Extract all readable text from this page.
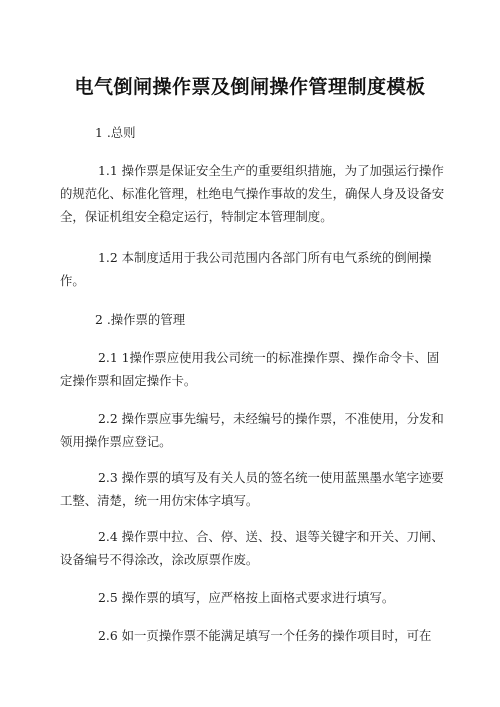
电气倒闸操作票及倒闸操作管理制度模板
1 .总则
1.1 操作票是保证安全生产的重要组织措施，为了加强运行操作的规范化、标准化管理，杜绝电气操作事故的发生，确保人身及设备安全，保证机组安全稳定运行，特制定本管理制度。
1.2 本制度适用于我公司范围内各部门所有电气系统的倒闸操作。
2 .操作票的管理
2.1 1操作票应使用我公司统一的标准操作票、操作命令卡、固定操作票和固定操作卡。
2.2 操作票应事先编号，未经编号的操作票，不准使用，分发和领用操作票应登记。
2.3 操作票的填写及有关人员的签名统一使用蓝黑墨水笔字迹要工整、清楚，统一用仿宋体字填写。
2.4 操作票中拉、合、停、送、投、退等关键字和开关、刀闸、设备编号不得涂改，涂改原票作废。
2.5 操作票的填写，应严格按上面格式要求进行填写。
2.6 如一页操作票不能满足填写一个任务的操作项目时，可在
